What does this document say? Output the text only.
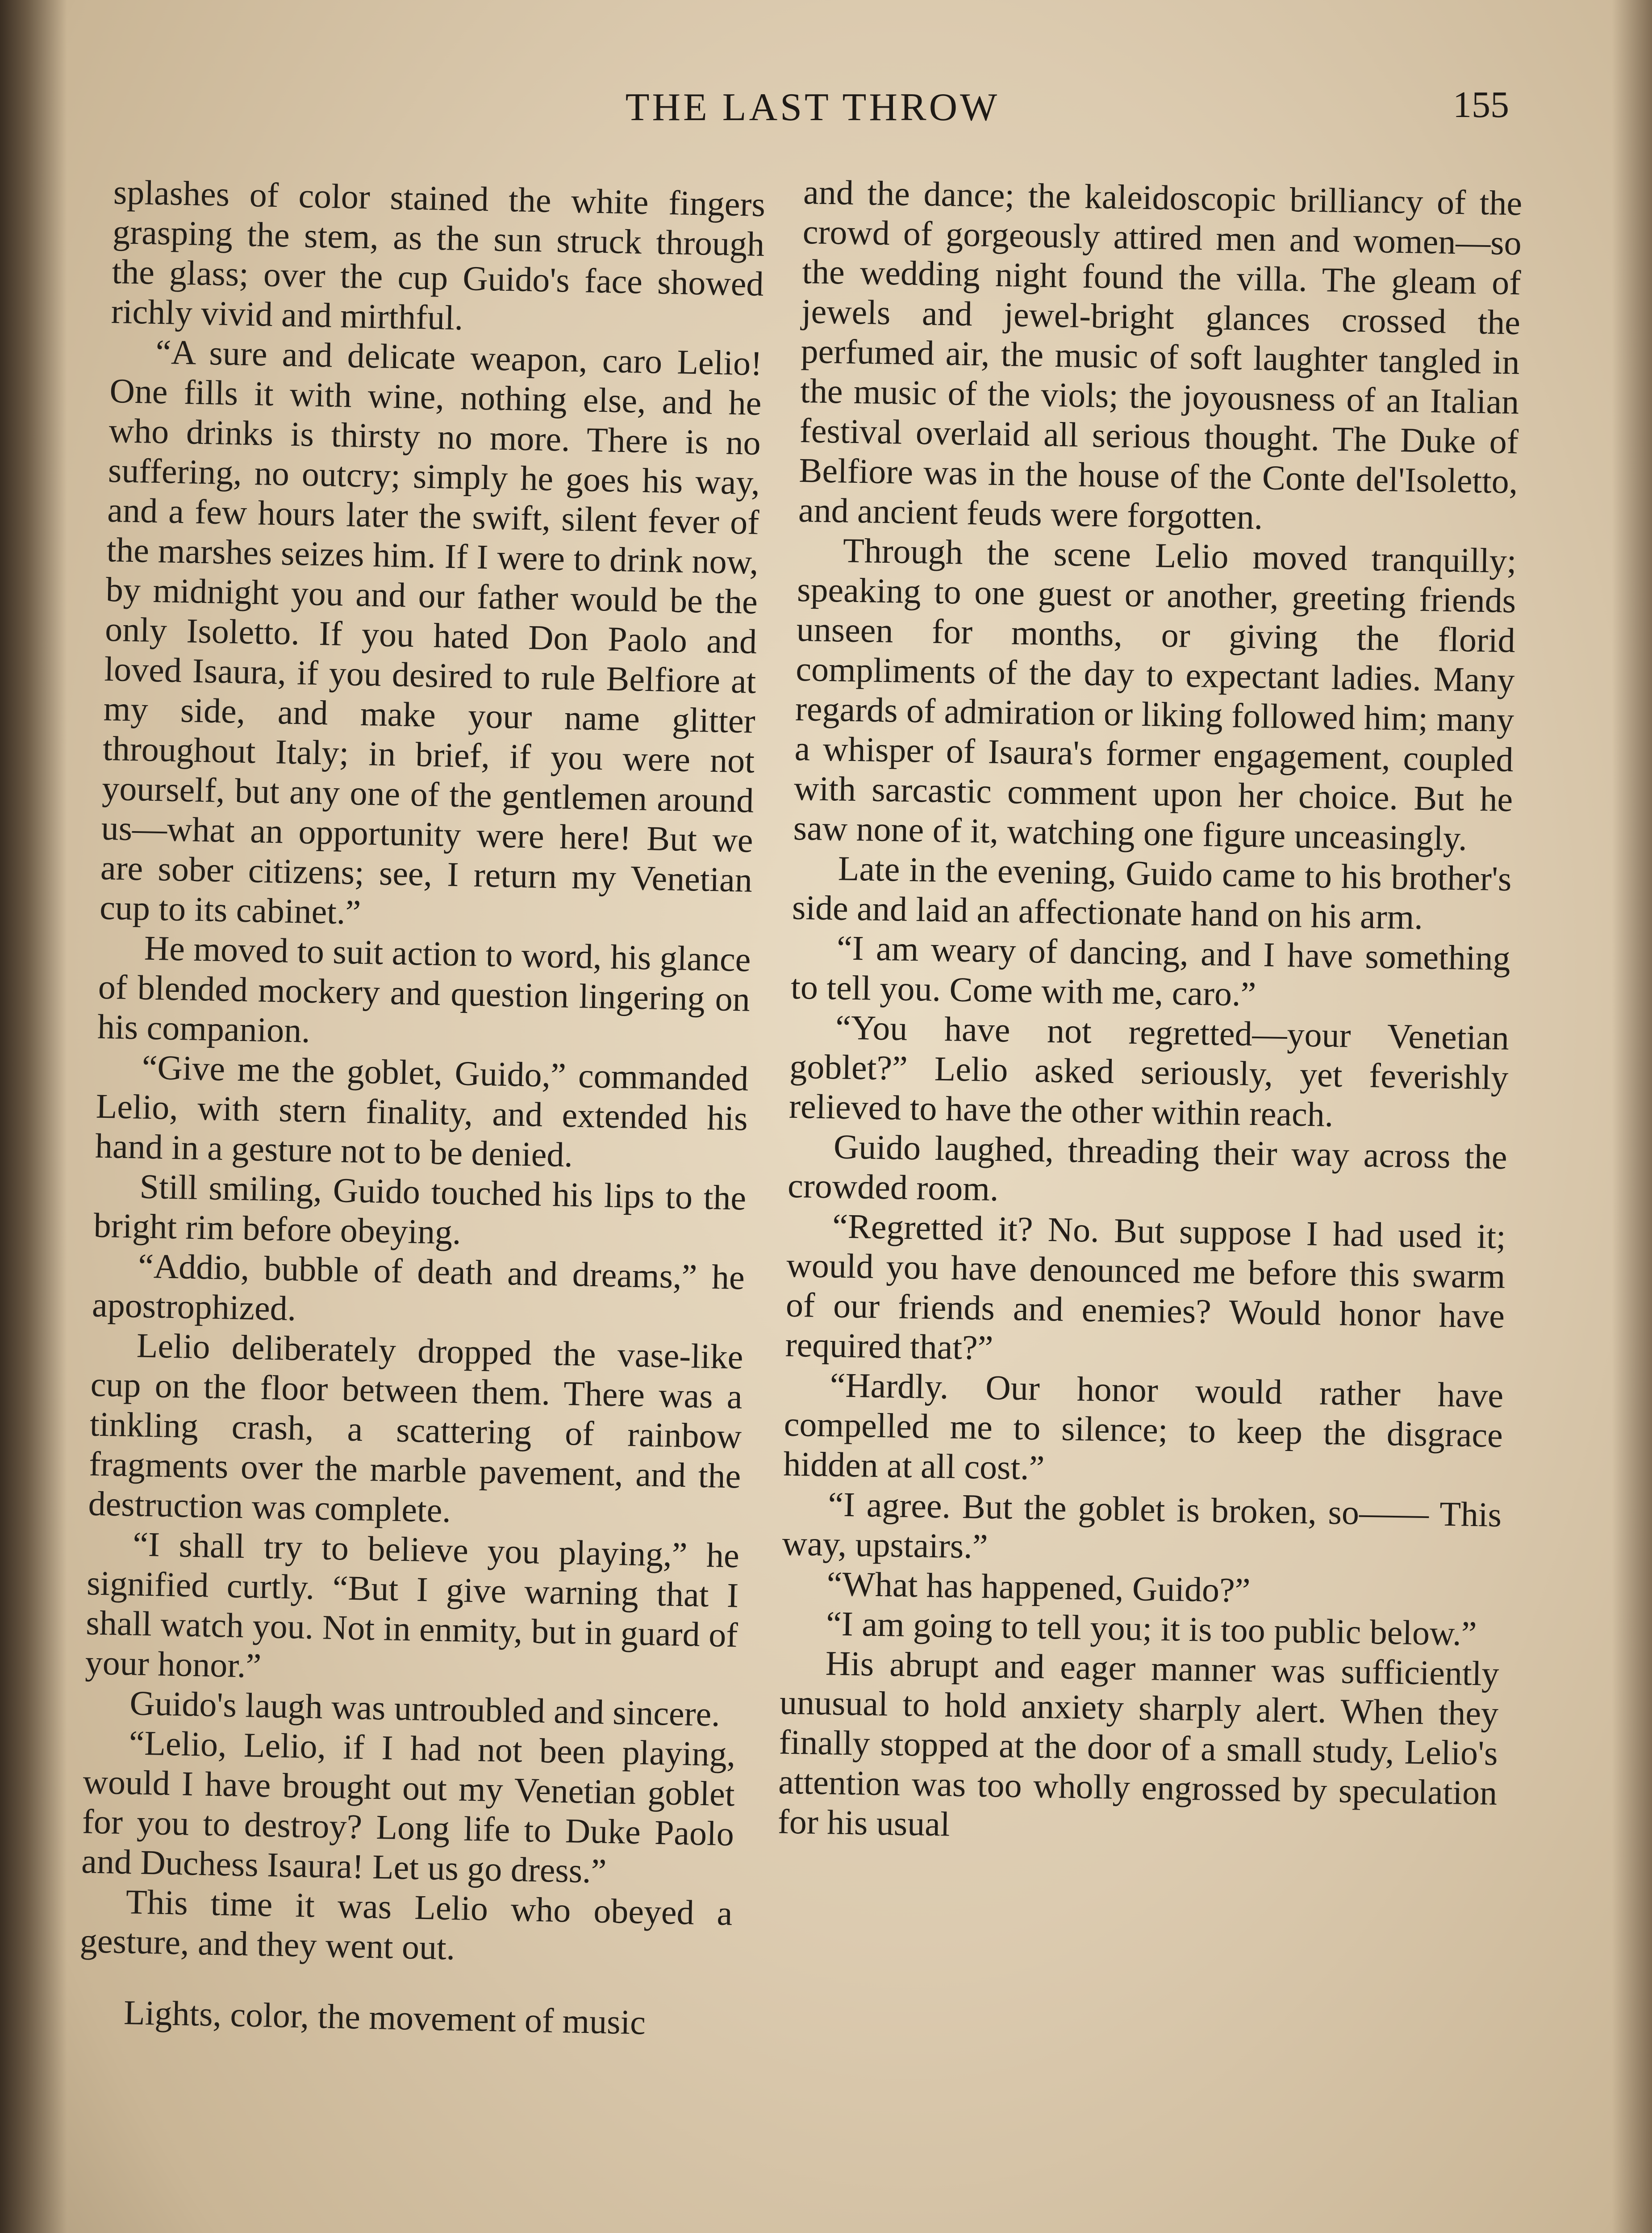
THE LAST THROW	155

splashes of color stained the white fingers grasping the stem, as the sun struck through the glass; over the cup Guido's face showed richly vivid and mirthful.

“A sure and delicate weapon, caro Lelio! One fills it with wine, nothing else, and he who drinks is thirsty no more. There is no suffering, no outcry; simply he goes his way, and a few hours later the swift, silent fever of the marshes seizes him. If I were to drink now, by midnight you and our father would be the only Isoletto. If you hated Don Paolo and loved Isaura, if you desired to rule Belfiore at my side, and make your name glitter throughout Italy; in brief, if you were not yourself, but any one of the gentlemen around us—what an opportunity were here! But we are sober citizens; see, I return my Venetian cup to its cabinet.”

He moved to suit action to word, his glance of blended mockery and question lingering on his companion.

“Give me the goblet, Guido,” commanded Lelio, with stern finality, and extended his hand in a gesture not to be denied.

Still smiling, Guido touched his lips to the bright rim before obeying.

“Addio, bubble of death and dreams,” he apostrophized.

Lelio deliberately dropped the vase-like cup on the floor between them. There was a tinkling crash, a scattering of rainbow fragments over the marble pavement, and the destruction was complete.

“I shall try to believe you playing,” he signified curtly. “But I give warning that I shall watch you. Not in enmity, but in guard of your honor.”

Guido's laugh was untroubled and sincere.

“Lelio, Lelio, if I had not been playing, would I have brought out my Venetian goblet for you to destroy? Long life to Duke Paolo and Duchess Isaura! Let us go dress.”

This time it was Lelio who obeyed a gesture, and they went out.

Lights, color, the movement of music

and the dance; the kaleidoscopic brilliancy of the crowd of gorgeously attired men and women—so the wedding night found the villa. The gleam of jewels and jewel-bright glances crossed the perfumed air, the music of soft laughter tangled in the music of the viols; the joyousness of an Italian festival overlaid all serious thought. The Duke of Belfiore was in the house of the Conte del'Isoletto, and ancient feuds were forgotten.

Through the scene Lelio moved tranquilly; speaking to one guest or another, greeting friends unseen for months, or giving the florid compliments of the day to expectant ladies. Many regards of admiration or liking followed him; many a whisper of Isaura's former engagement, coupled with sarcastic comment upon her choice. But he saw none of it, watching one figure unceasingly.

Late in the evening, Guido came to his brother's side and laid an affectionate hand on his arm.

“I am weary of dancing, and I have something to tell you. Come with me, caro.”

“You have not regretted—your Venetian goblet?” Lelio asked seriously, yet feverishly relieved to have the other within reach.

Guido laughed, threading their way across the crowded room.

“Regretted it? No. But suppose I had used it; would you have denounced me before this swarm of our friends and enemies? Would honor have required that?”

“Hardly. Our honor would rather have compelled me to silence; to keep the disgrace hidden at all cost.”

“I agree. But the goblet is broken, so—— This way, upstairs.”

“What has happened, Guido?”

“I am going to tell you; it is too public below.”

His abrupt and eager manner was sufficiently unusual to hold anxiety sharply alert. When they finally stopped at the door of a small study, Lelio's attention was too wholly engrossed by speculation for his usual
